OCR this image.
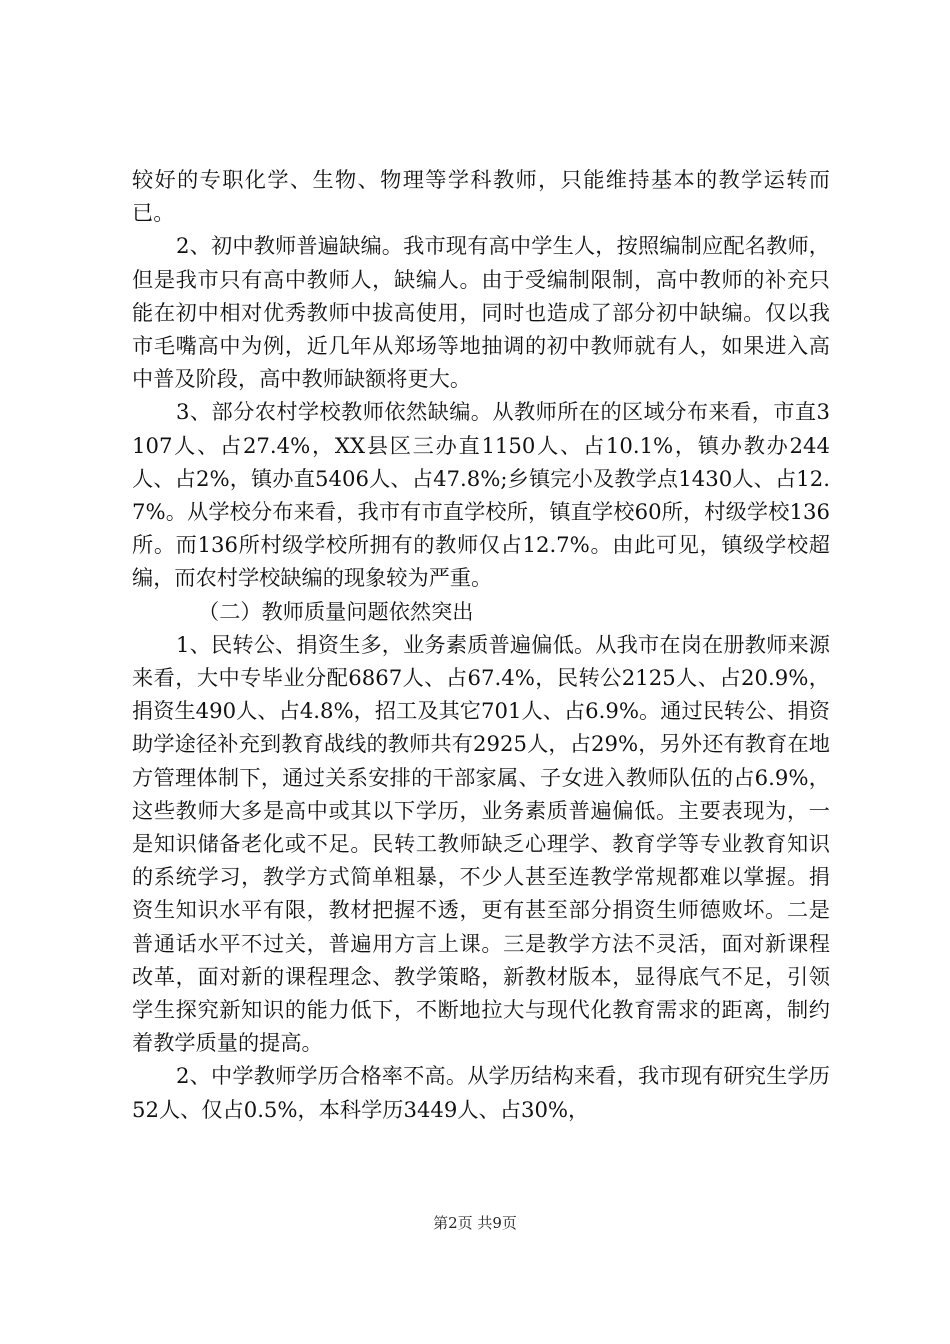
较好的专职化学、生物、物理等学科教师，只能维持基本的教学运转而已。

2、初中教师普遍缺编。我市现有高中学生人，按照编制应配名教师，但是我市只有高中教师人，缺编人。由于受编制限制，高中教师的补充只能在初中相对优秀教师中拔高使用，同时也造成了部分初中缺编。仅以我市毛嘴高中为例，近几年从郑场等地抽调的初中教师就有人，如果进入高中普及阶段，高中教师缺额将更大。

3、部分农村学校教师依然缺编。从教师所在的区域分布来看，市直3107人、占27.4%，XX县区三办直1150人、占10.1%，镇办教办244人、占2%，镇办直5406人、占47.8%;乡镇完小及教学点1430人、占12.7%。从学校分布来看，我市有市直学校所，镇直学校60所，村级学校136所。而136所村级学校所拥有的教师仅占12.7%。由此可见，镇级学校超编，而农村学校缺编的现象较为严重。

（二）教师质量问题依然突出

1、民转公、捐资生多，业务素质普遍偏低。从我市在岗在册教师来源来看，大中专毕业分配6867人、占67.4%，民转公2125人、占20.9%，捐资生490人、占4.8%，招工及其它701人、占6.9%。通过民转公、捐资助学途径补充到教育战线的教师共有2925人，占29%，另外还有教育在地方管理体制下，通过关系安排的干部家属、子女进入教师队伍的占6.9%，这些教师大多是高中或其以下学历，业务素质普遍偏低。主要表现为，一是知识储备老化或不足。民转工教师缺乏心理学、教育学等专业教育知识的系统学习，教学方式简单粗暴，不少人甚至连教学常规都难以掌握。捐资生知识水平有限，教材把握不透，更有甚至部分捐资生师德败坏。二是普通话水平不过关，普遍用方言上课。三是教学方法不灵活，面对新课程改革，面对新的课程理念、教学策略，新教材版本，显得底气不足，引领学生探究新知识的能力低下，不断地拉大与现代化教育需求的距离，制约着教学质量的提高。

2、中学教师学历合格率不高。从学历结构来看，我市现有研究生学历52人、仅占0.5%，本科学历3449人、占30%，

第2页 共9页
